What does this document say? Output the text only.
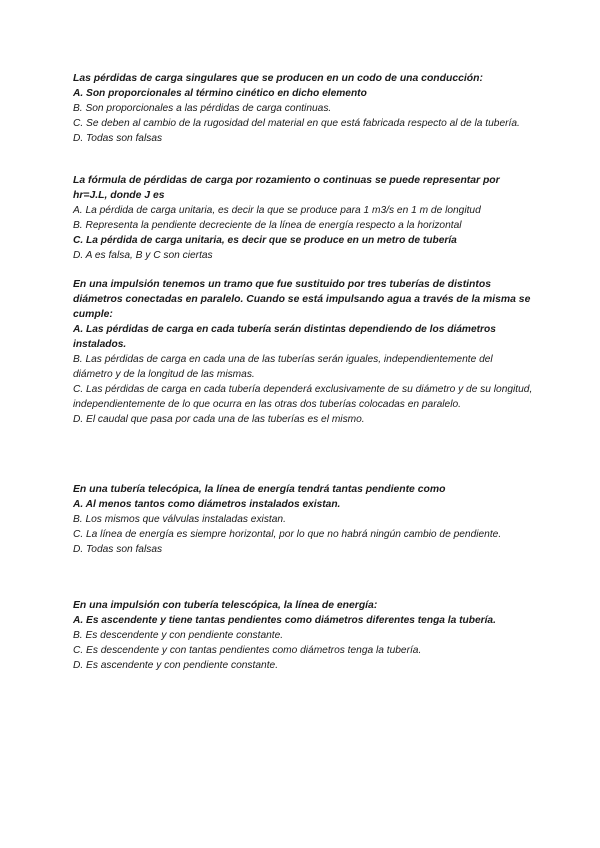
Las pérdidas de carga singulares que se producen en un codo de una conducción:

A. Son proporcionales al término cinético en dicho elemento

B. Son proporcionales a las pérdidas de carga continuas.

C. Se deben al cambio de la rugosidad del material en que está fabricada respecto al de la tubería.

D. Todas son falsas

La fórmula de pérdidas de carga por rozamiento o continuas se puede representar por hr=J.L, donde J es

A. La pérdida de carga unitaria, es decir la que se produce para 1 m3/s en 1 m de longitud

B. Representa la pendiente decreciente de la línea de energía respecto a la horizontal

C. La pérdida de carga unitaria, es decir que se produce en un metro de tubería

D. A es falsa, B y C son ciertas

En una impulsión tenemos un tramo que fue sustituido por tres tuberías de distintos diámetros conectadas en paralelo. Cuando se está impulsando agua a través de la misma se cumple:

A. Las pérdidas de carga en cada tubería serán distintas dependiendo de los diámetros instalados.

B. Las pérdidas de carga en cada una de las tuberías serán iguales, independientemente del diámetro y de la longitud de las mismas.

C. Las pérdidas de carga en cada tubería dependerá exclusivamente de su diámetro y de su longitud, independientemente de lo que ocurra en las otras dos tuberías colocadas en paralelo.

D. El caudal que pasa por cada una de las tuberías es el mismo.

En una tubería telecópica, la línea de energía tendrá tantas pendiente como

A. Al menos tantos como diámetros instalados existan.

B. Los mismos que válvulas instaladas existan.

C. La línea de energía es siempre horizontal, por lo que no habrá ningún cambio de pendiente.

D. Todas son falsas

En una impulsión con tubería telescópica, la línea de energía:

A. Es ascendente y tiene tantas pendientes como diámetros diferentes tenga la tubería.

B. Es descendente y con pendiente constante.

C. Es descendente y con tantas pendientes como diámetros tenga la tubería.

D. Es ascendente y con pendiente constante.
